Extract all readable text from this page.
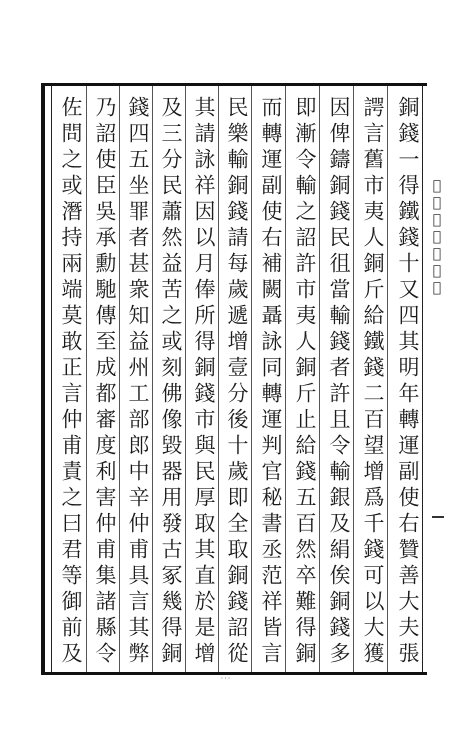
銅錢一得鐵錢十又四其明年轉運副使右贊善大夫張
諤言舊市夷人銅斤給鐵錢二百望增爲千錢可以大獲
因俾鑄銅錢民徂當輸錢者許且令輸銀及絹俟銅錢多
即漸令輸之詔許市夷人銅斤止給錢五百然卒難得銅
而轉運副使右補闕聶詠同轉運判官秘書丞范祥皆言
民樂輸銅錢請每歲遞增壹分後十歲即全取銅錢詔從
其請詠祥因以月俸所得銅錢市與民厚取其直於是增
及三分民蕭然益苦之或刻佛像毀器用發古冢幾得銅
錢四五坐罪者甚衆知益州工部郎中辛仲甫具言其弊
乃詔使臣吳承勳馳傳至成都審度利害仲甫集諸縣令
佐問之或潛持兩端莫敢正言仲甫責之曰君等御前及	𣑆鐵事要文卷三
···
